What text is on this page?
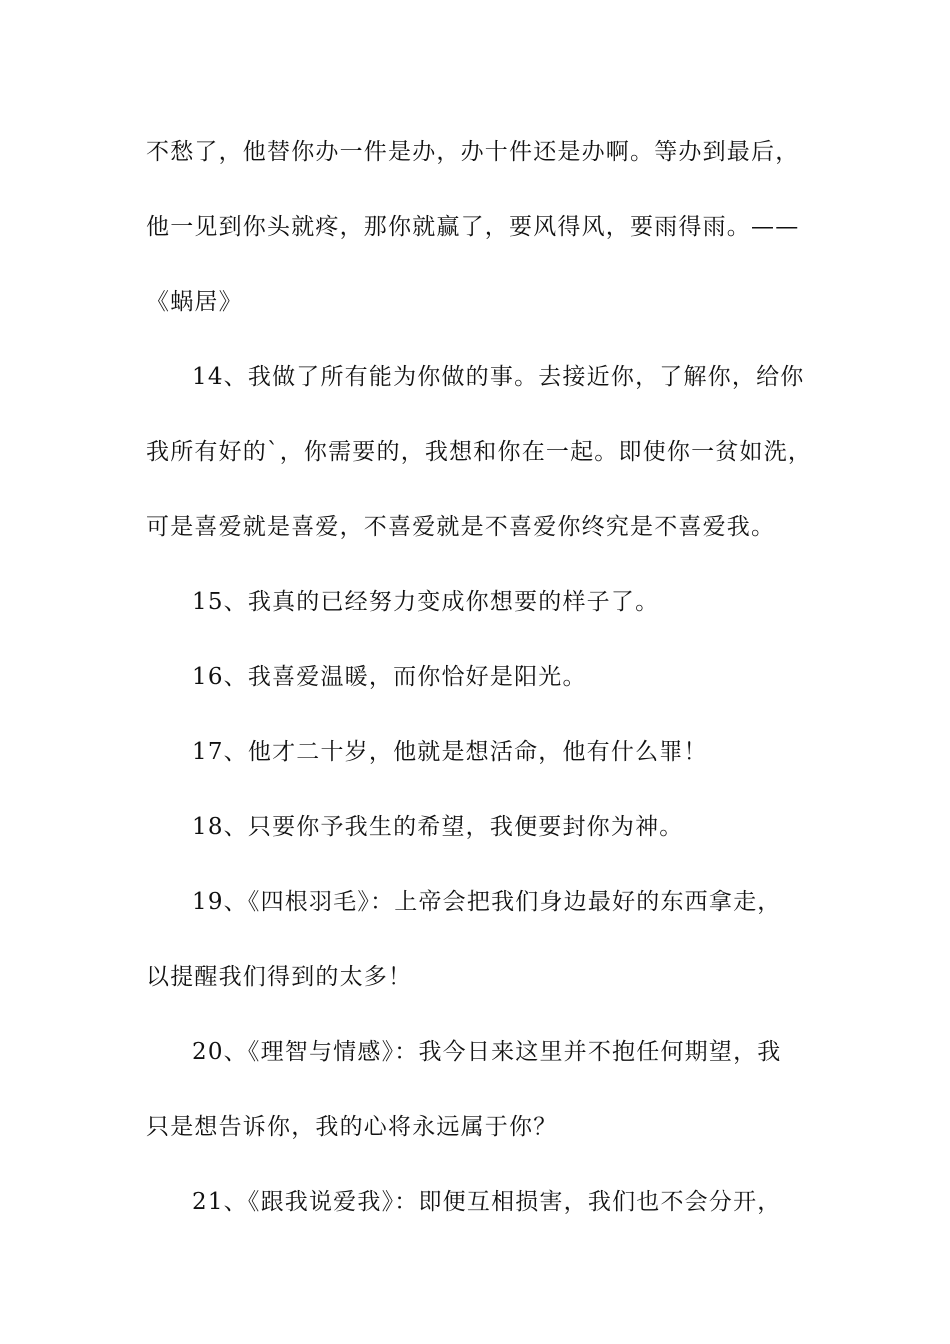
不愁了，他替你办一件是办，办十件还是办啊。等办到最后，
他一见到你头就疼，那你就赢了，要风得风，要雨得雨。——
《蜗居》
14、我做了所有能为你做的事。去接近你，了解你，给你
我所有好的`，你需要的，我想和你在一起。即使你一贫如洗，
可是喜爱就是喜爱，不喜爱就是不喜爱你终究是不喜爱我。
15、我真的已经努力变成你想要的样子了。
16、我喜爱温暖，而你恰好是阳光。
17、他才二十岁，他就是想活命，他有什么罪！
18、只要你予我生的希望，我便要封你为神。
19、《四根羽毛》：上帝会把我们身边最好的东西拿走，
以提醒我们得到的太多！
20、《理智与情感》：我今日来这里并不抱任何期望，我
只是想告诉你，我的心将永远属于你？
21、《跟我说爱我》：即便互相损害，我们也不会分开，
